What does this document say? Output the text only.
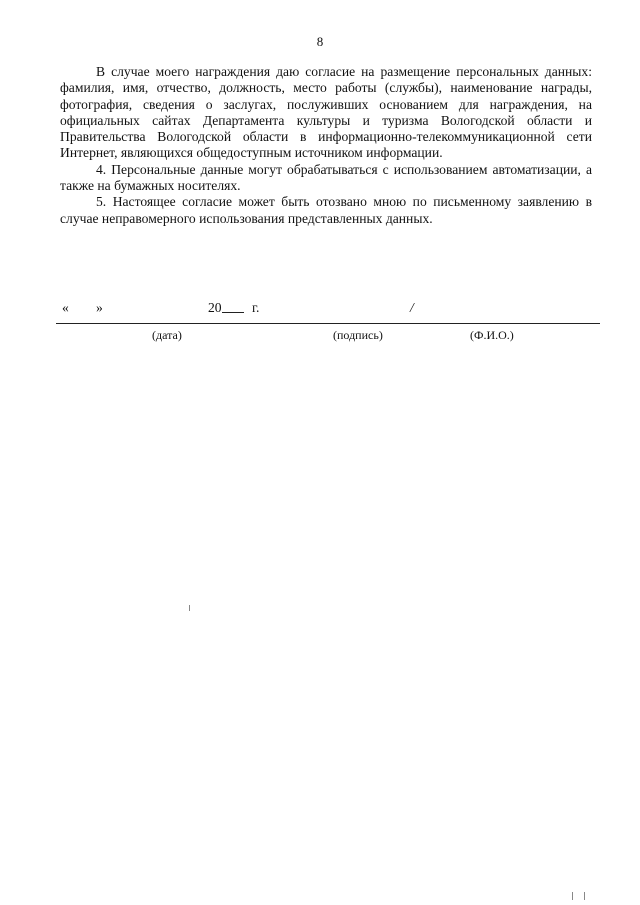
8

В случае моего награждения даю согласие на размещение персональных данных: фамилия, имя, отчество, должность, место работы (службы), наименование награды, фотография, сведения о заслугах, послуживших основанием для награждения, на официальных сайтах Департамента культуры и туризма Вологодской области и Правительства Вологодской области в информационно-телекоммуникационной сети Интернет, являющихся общедоступным источником информации.

4. Персональные данные могут обрабатываться с использованием автоматизации, а также на бумажных носителях.

5. Настоящее согласие может быть отозвано мною по письменному заявлению в случае неправомерного использования представленных данных.

« »	20 г.	/
(дата)	(подпись)	(Ф.И.О.)
